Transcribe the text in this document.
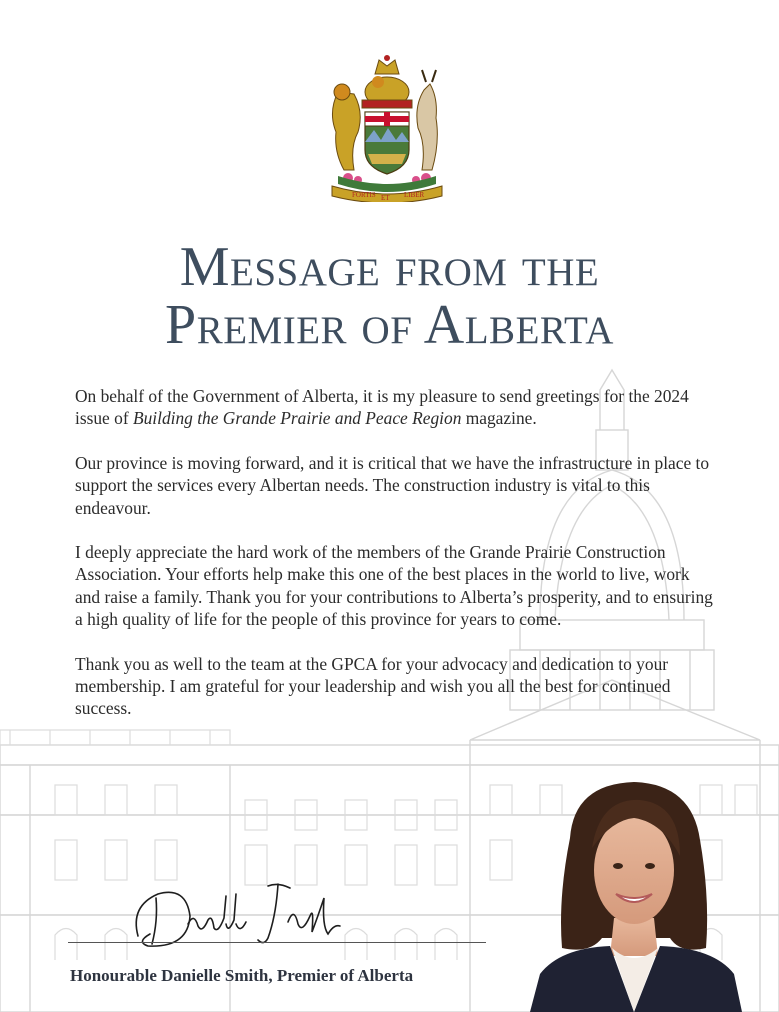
FORTIS ET LIBER
Message from the
Premier of Alberta

On behalf of the Government of Alberta, it is my pleasure to send greetings for the 2024 issue of Building the Grande Prairie and Peace Region magazine.

Our province is moving forward, and it is critical that we have the infrastructure in place to support the services every Albertan needs. The construction industry is vital to this endeavour.

I deeply appreciate the hard work of the members of the Grande Prairie Construction Association. Your efforts help make this one of the best places in the world to live, work and raise a family. Thank you for your contributions to Alberta’s prosperity, and to ensuring a high quality of life for the people of this province for years to come.

Thank you as well to the team at the GPCA for your advocacy and dedication to your membership. I am grateful for your leadership and wish you all the best for continued success.

Honourable Danielle Smith, Premier of Alberta
